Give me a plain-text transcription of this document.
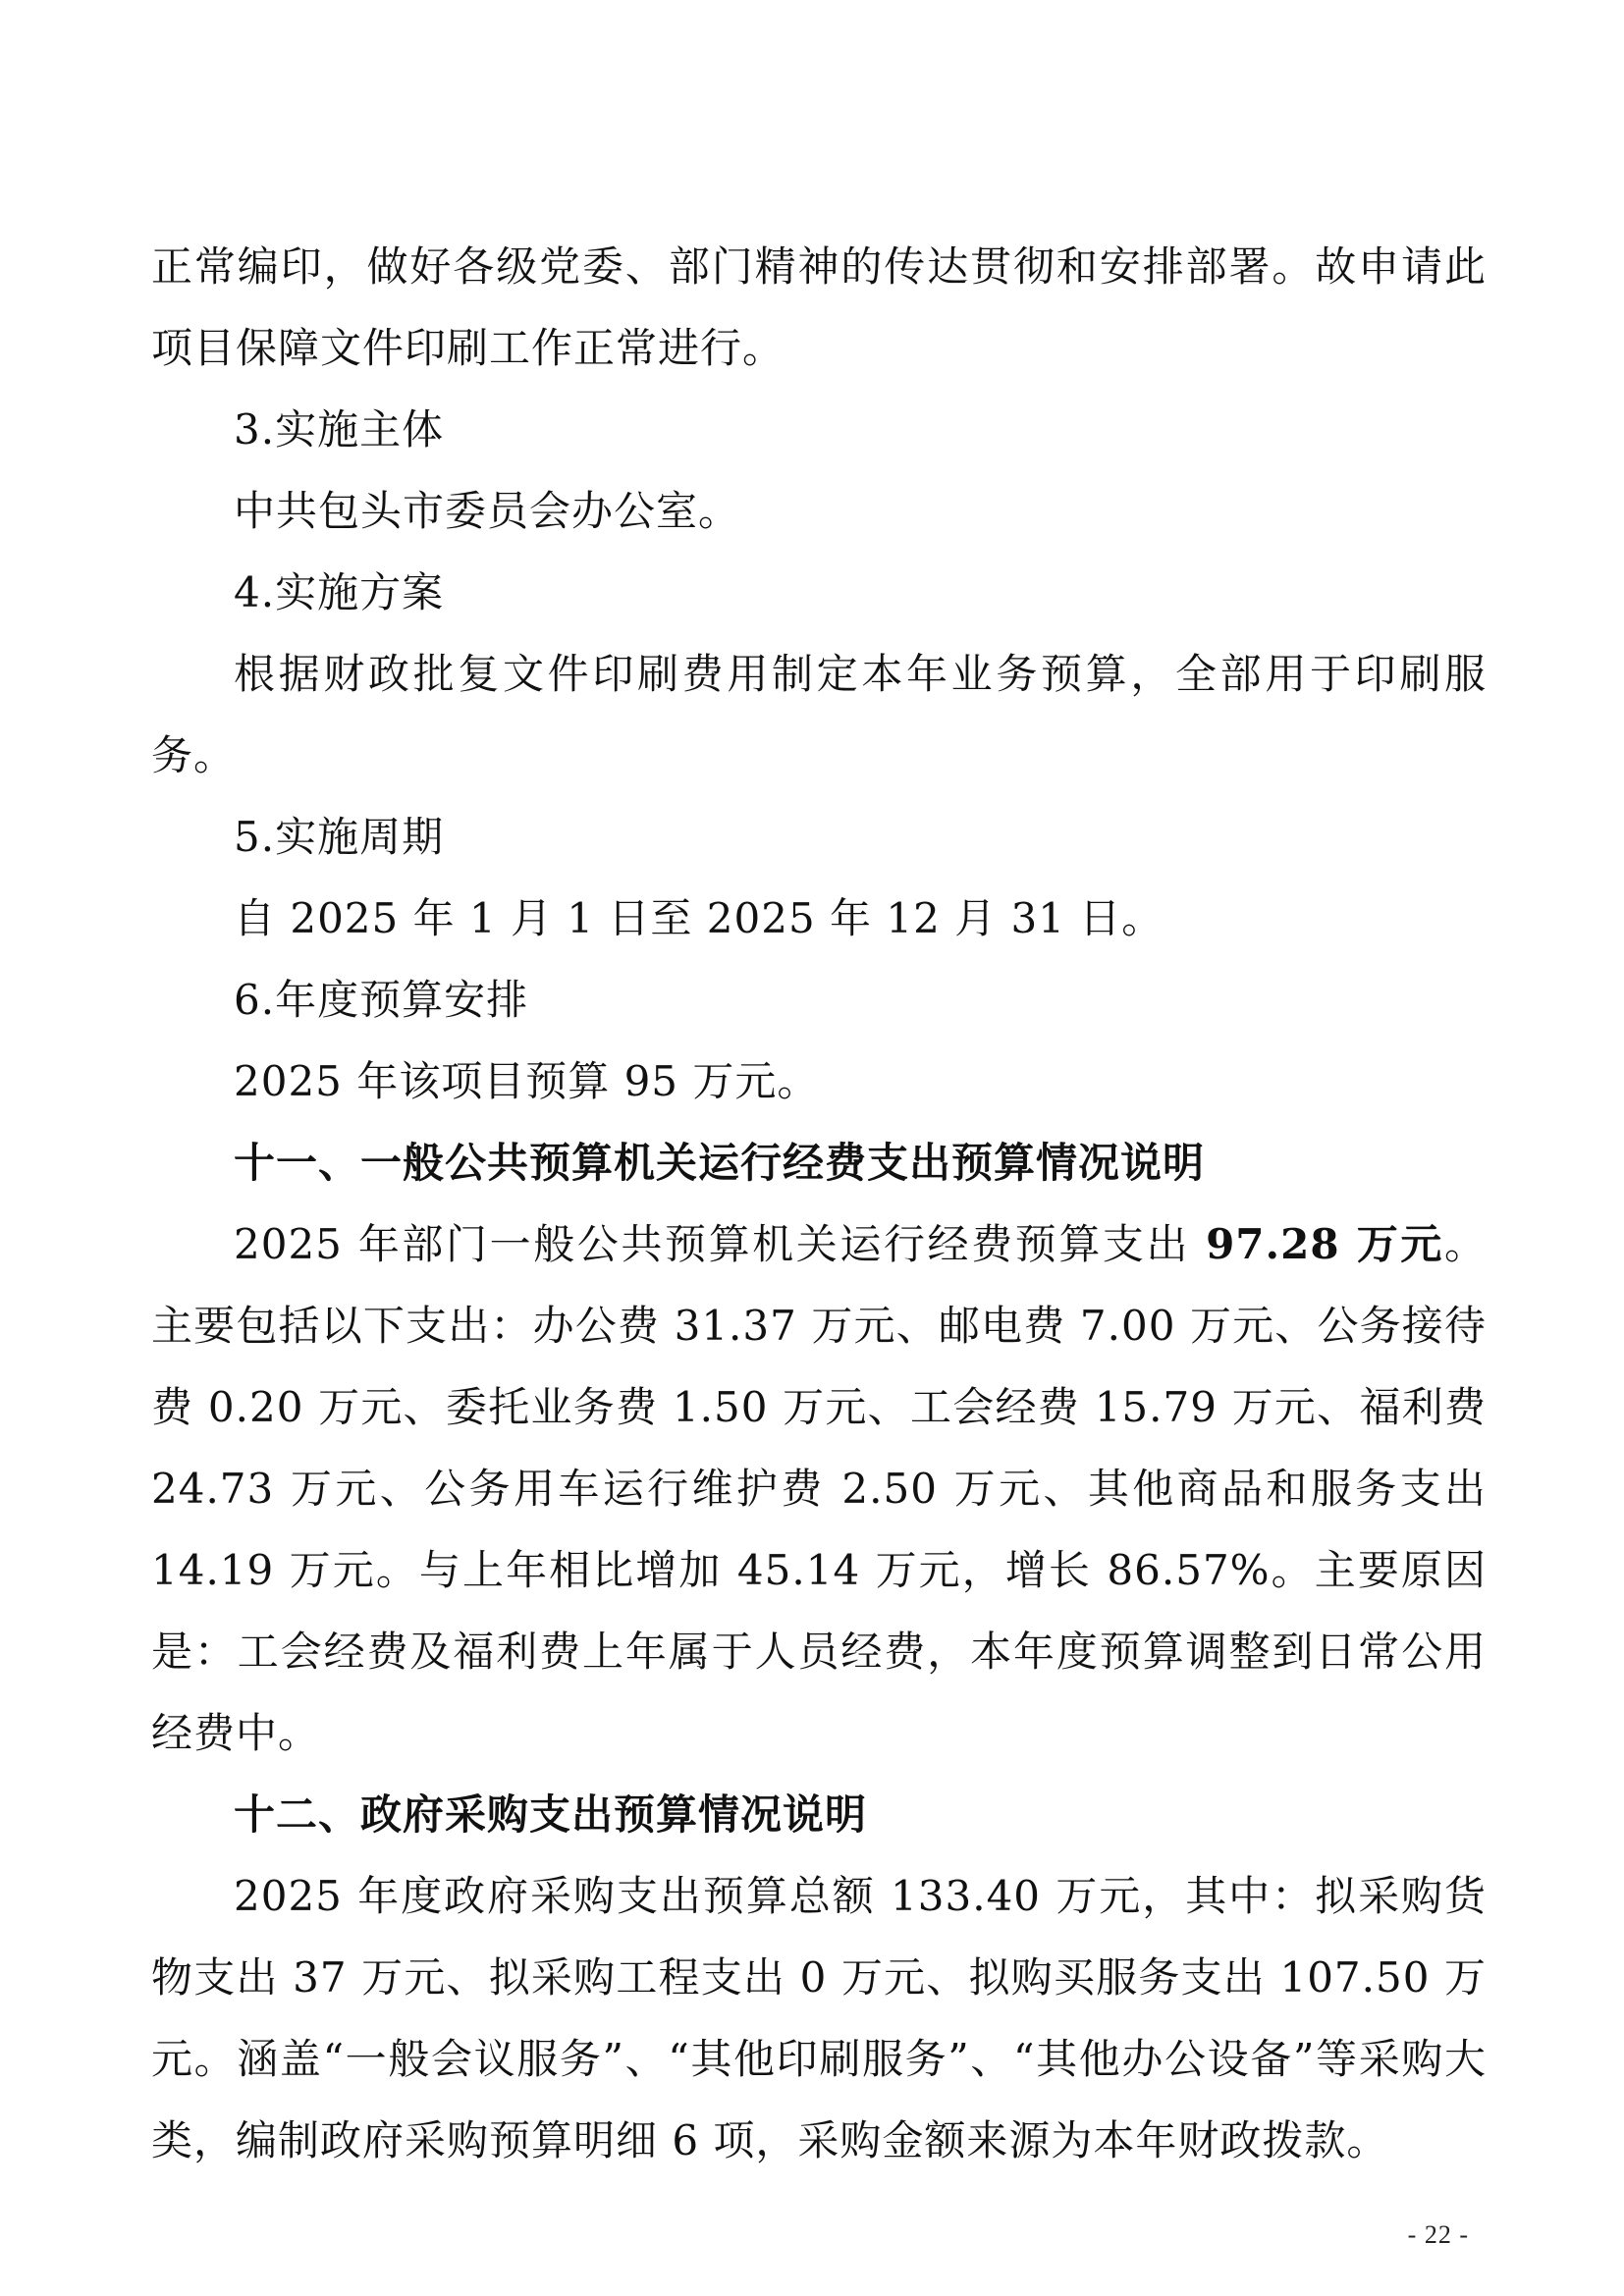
正常编印，做好各级党委、部门精神的传达贯彻和安排部署。故申请此项目保障文件印刷工作正常进行。

3.实施主体

中共包头市委员会办公室。

4.实施方案

根据财政批复文件印刷费用制定本年业务预算，全部用于印刷服务。

5.实施周期

自 2025 年 1 月 1 日至 2025 年 12 月 31 日。

6.年度预算安排

2025 年该项目预算 95 万元。

十一、一般公共预算机关运行经费支出预算情况说明

2025 年部门一般公共预算机关运行经费预算支出 97.28 万元。主要包括以下支出：办公费 31.37 万元、邮电费 7.00 万元、公务接待费 0.20 万元、委托业务费 1.50 万元、工会经费 15.79 万元、福利费 24.73 万元、公务用车运行维护费 2.50 万元、其他商品和服务支出 14.19 万元。与上年相比增加 45.14 万元，增长 86.57%。主要原因是：工会经费及福利费上年属于人员经费，本年度预算调整到日常公用经费中。

十二、政府采购支出预算情况说明

2025 年度政府采购支出预算总额 133.40 万元，其中：拟采购货物支出 37 万元、拟采购工程支出 0 万元、拟购买服务支出 107.50 万元。涵盖“一般会议服务”、“其他印刷服务”、“其他办公设备”等采购大类，编制政府采购预算明细 6 项，采购金额来源为本年财政拨款。

- 22 -
